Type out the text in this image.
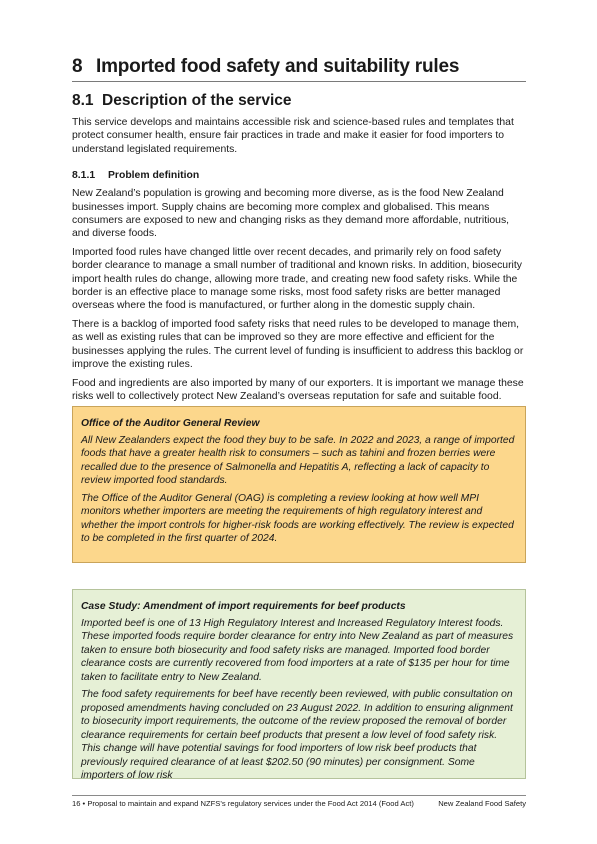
8 Imported food safety and suitability rules
8.1 Description of the service

This service develops and maintains accessible risk and science-based rules and templates that protect consumer health, ensure fair practices in trade and make it easier for food importers to understand legislated requirements.

8.1.1 Problem definition

New Zealand’s population is growing and becoming more diverse, as is the food New Zealand businesses import. Supply chains are becoming more complex and globalised. This means consumers are exposed to new and changing risks as they demand more affordable, nutritious, and diverse foods.

Imported food rules have changed little over recent decades, and primarily rely on food safety border clearance to manage a small number of traditional and known risks. In addition, biosecurity import health rules do change, allowing more trade, and creating new food safety risks. While the border is an effective place to manage some risks, most food safety risks are better managed overseas where the food is manufactured, or further along in the domestic supply chain.

There is a backlog of imported food safety risks that need rules to be developed to manage them, as well as existing rules that can be improved so they are more effective and efficient for the businesses applying the rules. The current level of funding is insufficient to address this backlog or improve the existing rules.

Food and ingredients are also imported by many of our exporters. It is important we manage these risks well to collectively protect New Zealand’s overseas reputation for safe and suitable food.

Office of the Auditor General Review

All New Zealanders expect the food they buy to be safe. In 2022 and 2023, a range of imported foods that have a greater health risk to consumers – such as tahini and frozen berries were recalled due to the presence of Salmonella and Hepatitis A, reflecting a lack of capacity to review imported food standards.

The Office of the Auditor General (OAG) is completing a review looking at how well MPI monitors whether importers are meeting the requirements of high regulatory interest and whether the import controls for higher-risk foods are working effectively. The review is expected to be completed in the first quarter of 2024.

Case Study: Amendment of import requirements for beef products

Imported beef is one of 13 High Regulatory Interest and Increased Regulatory Interest foods. These imported foods require border clearance for entry into New Zealand as part of measures taken to ensure both biosecurity and food safety risks are managed. Imported food border clearance costs are currently recovered from food importers at a rate of $135 per hour for time taken to facilitate entry to New Zealand.

The food safety requirements for beef have recently been reviewed, with public consultation on proposed amendments having concluded on 23 August 2022. In addition to ensuring alignment to biosecurity import requirements, the outcome of the review proposed the removal of border clearance requirements for certain beef products that present a low level of food safety risk. This change will have potential savings for food importers of low risk beef products that previously required clearance of at least $202.50 (90 minutes) per consignment. Some importers of low risk

16 • Proposal to maintain and expand NZFS’s regulatory services under the Food Act 2014 (Food Act)	New Zealand Food Safety
